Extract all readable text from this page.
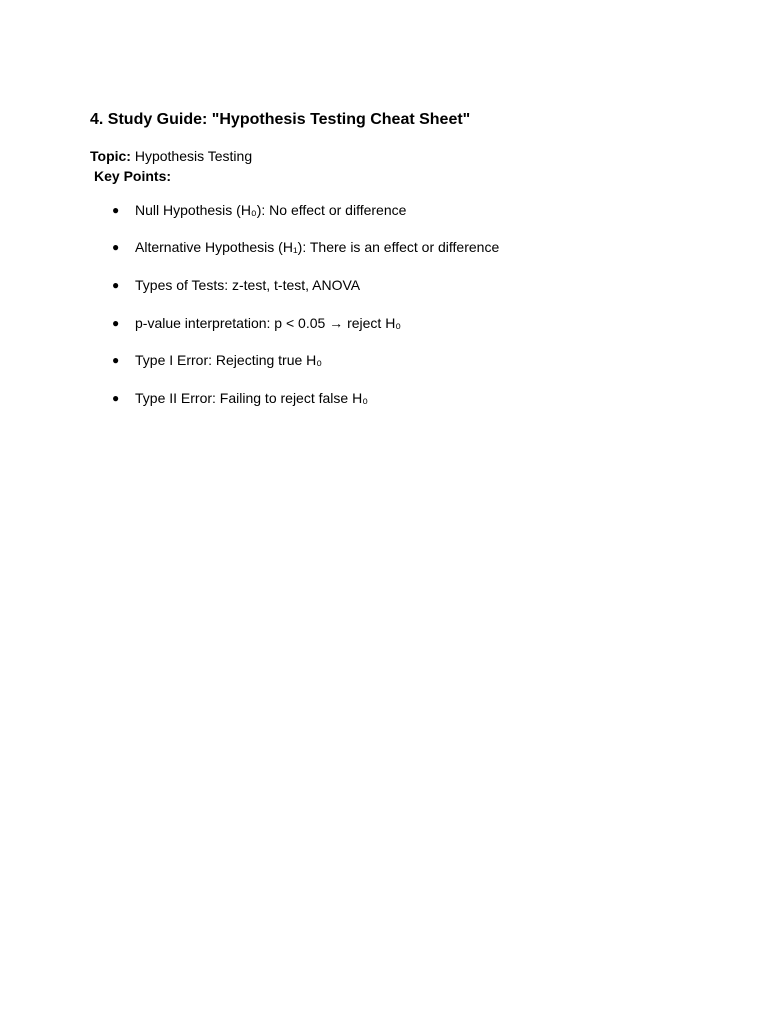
4. Study Guide: "Hypothesis Testing Cheat Sheet"

Topic: Hypothesis Testing

Key Points:

● Null Hypothesis (H₀): No effect or difference
● Alternative Hypothesis (H₁): There is an effect or difference
● Types of Tests: z-test, t-test, ANOVA
● p-value interpretation: p < 0.05 → reject H₀
● Type I Error: Rejecting true H₀
● Type II Error: Failing to reject false H₀
